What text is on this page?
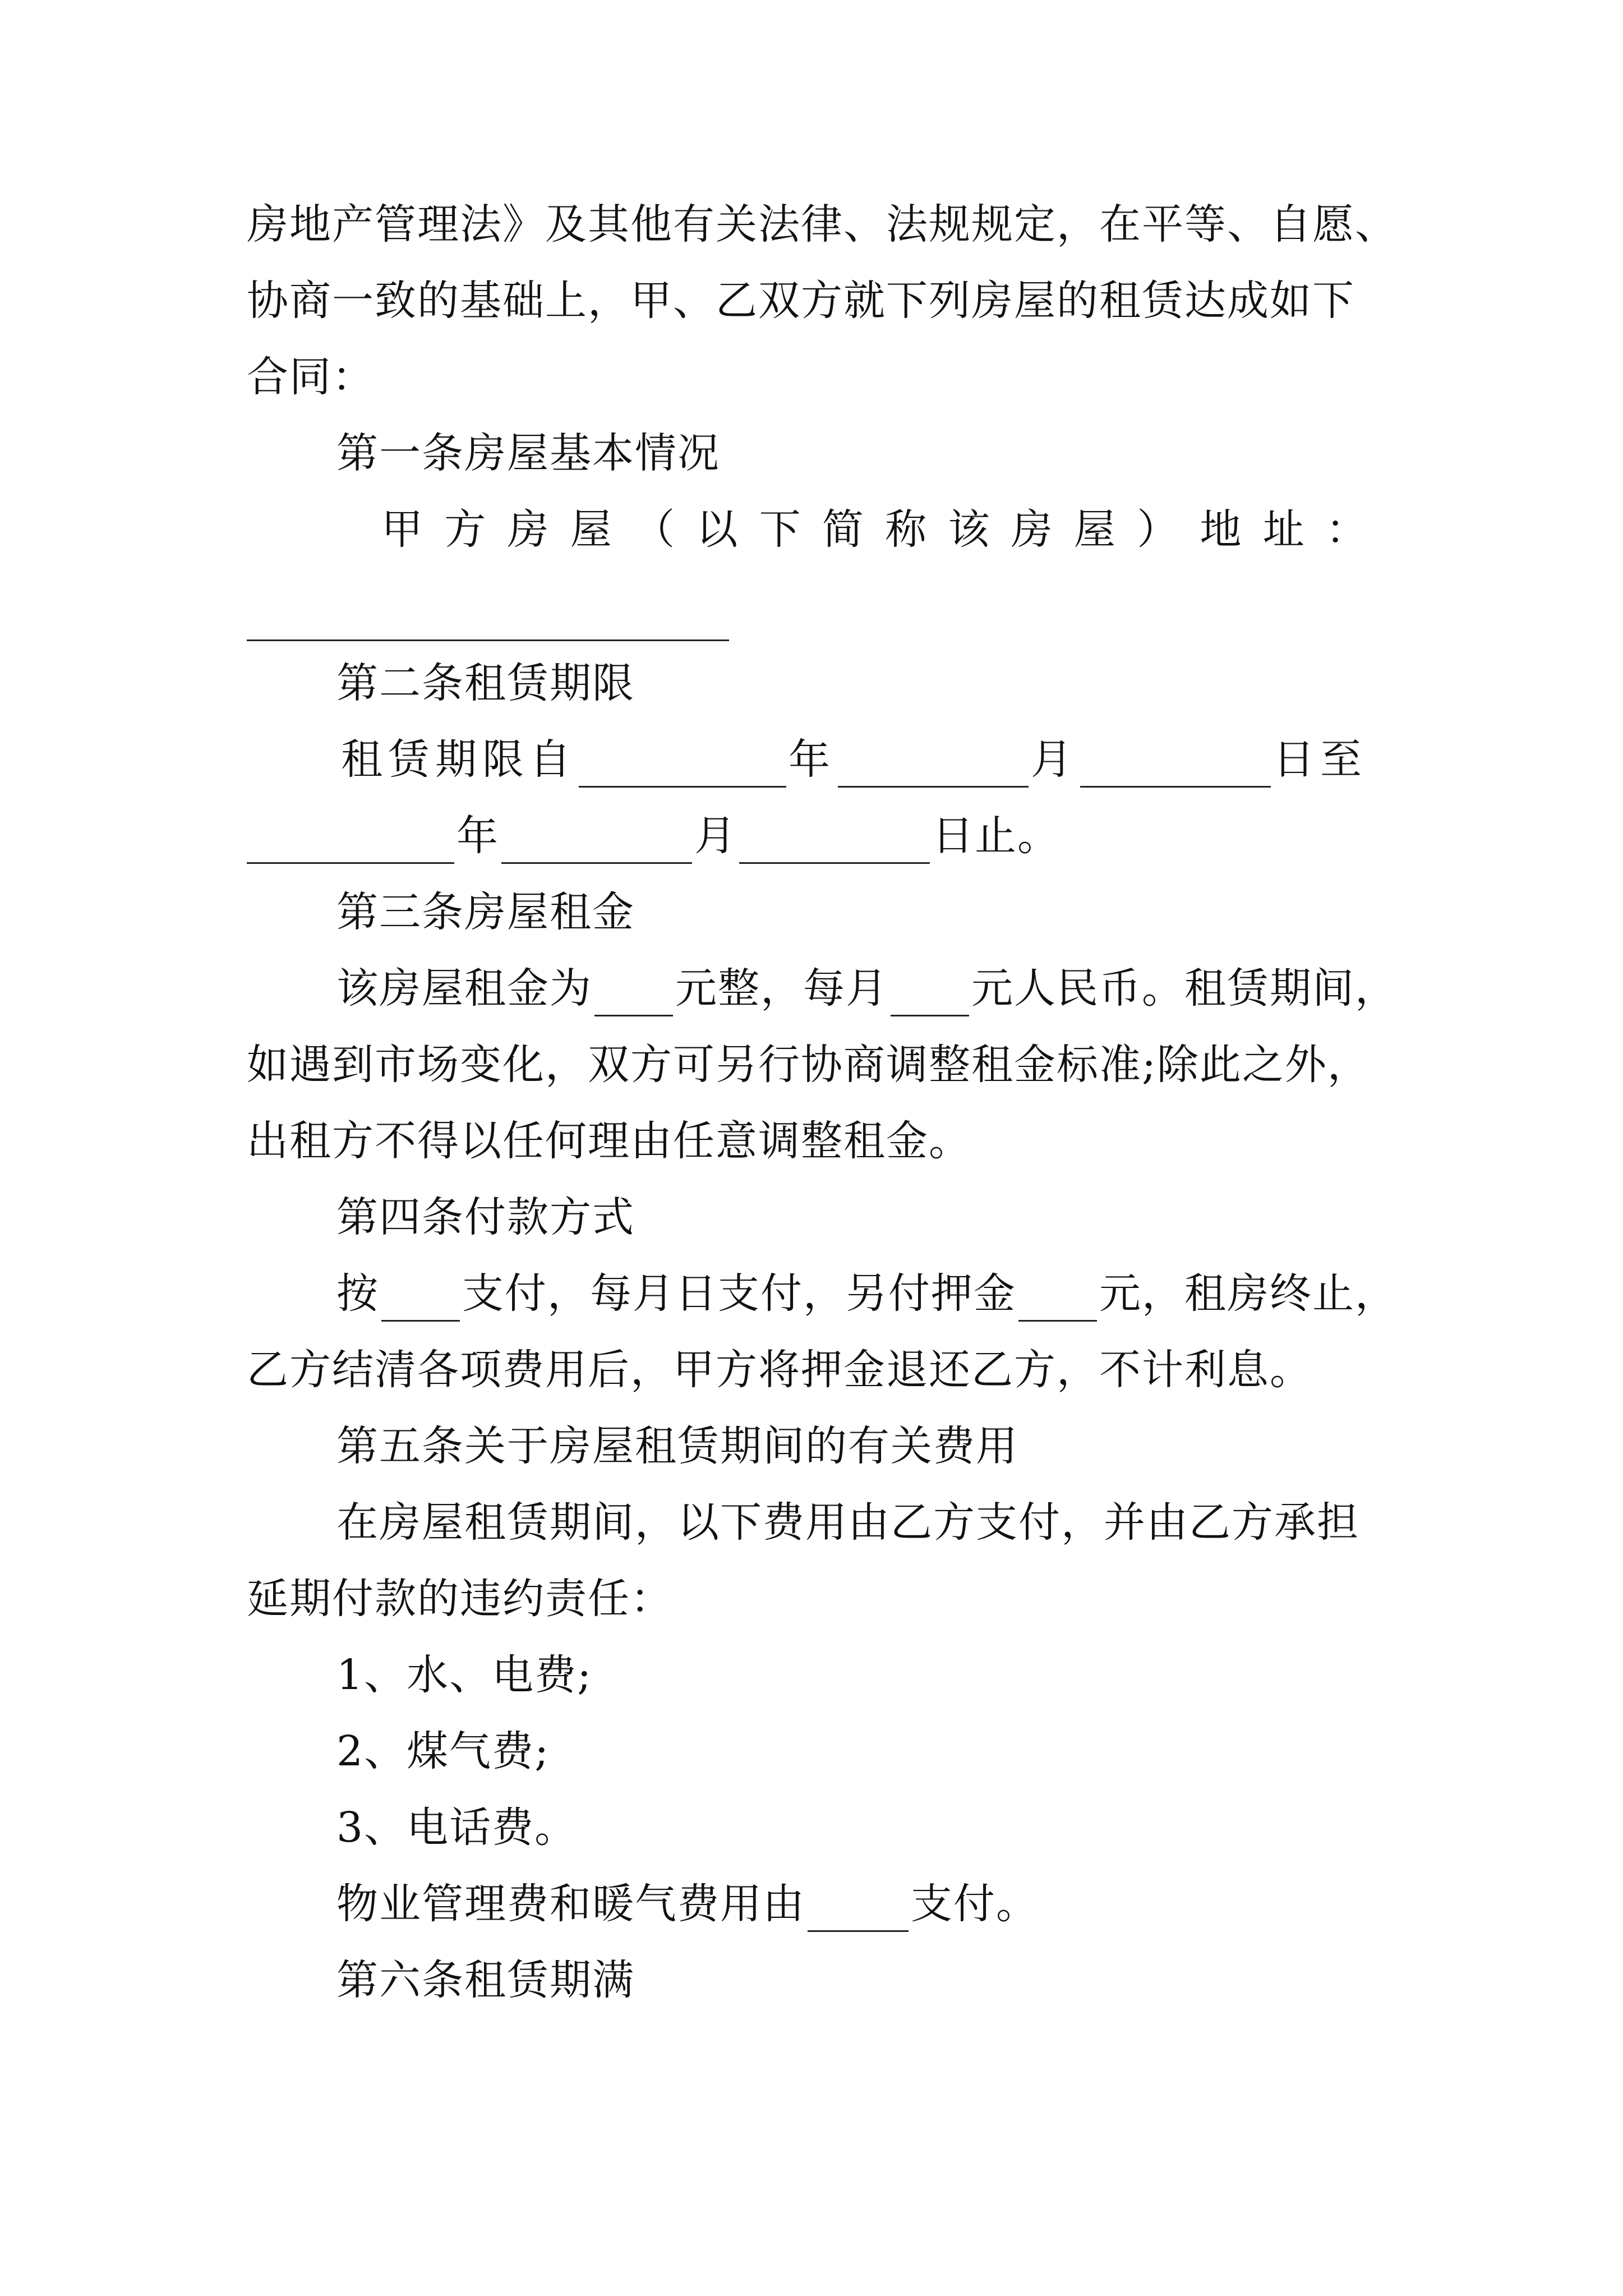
房地产管理法》及其他有关法律、法规规定，在平等、自愿、
协商一致的基础上，甲、乙双方就下列房屋的租赁达成如下
合同：
第一条房屋基本情况
甲 方 房 屋 （ 以 下 简 称 该 房 屋 ） 地 址 ：
第二条租赁期限
租赁期限自	年	月	日至
年	月	日止。
第三条房屋租金
该房屋租金为 元整，每月 元人民币。租赁期间，
如遇到市场变化，双方可另行协商调整租金标准;除此之外，
出租方不得以任何理由任意调整租金。
第四条付款方式
按 支付，每月日支付，另付押金 元，租房终止，
乙方结清各项费用后，甲方将押金退还乙方，不计利息。
第五条关于房屋租赁期间的有关费用
在房屋租赁期间，以下费用由乙方支付，并由乙方承担
延期付款的违约责任：
1、水、电费;
2、煤气费;
3、电话费。
物业管理费和暖气费用由	支付。
第六条租赁期满
